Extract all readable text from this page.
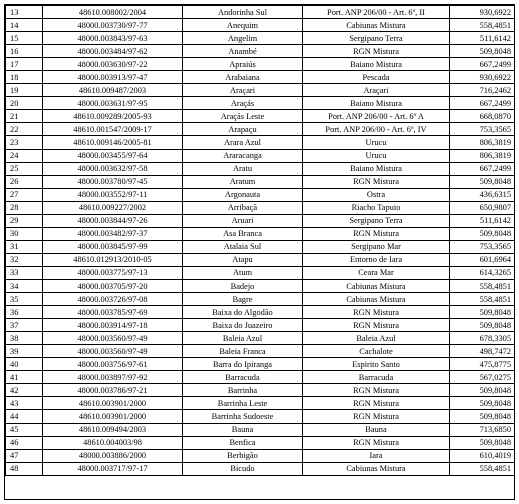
13	48610.008002/2004	Andorinha Sul	Port. ANP 206/00 - Art. 6º, II	930,6922
14	48000.003730/97-77	Anequim	Cabiunas Mistura	558,4851
15	48000.003843/97-63	Angelim	Sergipano Terra	511,6142
16	48000.003484/97-62	Anambé	RGN Mistura	509,8048
17	48000.003630/97-22	Apraiús	Baiano Mistura	667,2499
18	48000.003913/97-47	Arabaiana	Pescada	930,6922
19	48610.009487/2003	Araçari	Araçari	716,2462
20	48000.003631/97-95	Araçás	Baiano Mistura	667,2499
21	48610.009289/2005-93	Araçás Leste	Port. ANP 206/00 - Art. 6º A	668,0870
22	48610.001547/2009-17	Arapaçu	Port. ANP 206/00 - Art. 6º, IV	753,3565
23	48610.009146/2005-81	Arara Azul	Urucu	806,3819
24	48000.003455/97-64	Araracanga	Urucu	806,3819
25	48000.003632/97-58	Aratu	Baiano Mistura	667,2499
26	48000.003780/97-45	Aratum	RGN Mistura	509,8048
27	48000.003552/97-11	Argonauta	Ostra	436,6315
28	48610.009227/2002	Arribaçã	Riacho Tapuio	650,9807
29	48000.003844/97-26	Aruari	Sergipano Terra	511,6142
30	48000.003482/97-37	Asa Branca	RGN Mistura	509,8048
31	48000.003845/97-99	Atalaia Sul	Sergipano Mar	753,3565
32	48610.012913/2010-05	Atapu	Entorno de Iara	601,6964
33	48000.003775/97-13	Atum	Ceara Mar	614,3265
34	48000.003705/97-20	Badejo	Cabiunas Mistura	558,4851
35	48000.003726/97-08	Bagre	Cabiunas Mistura	558,4851
36	48000.003785/97-69	Baixa do Algodão	RGN Mistura	509,8048
37	48000.003914/97-18	Baixa do Juazeiro	RGN Mistura	509,8048
38	48000.003560/97-49	Baleia Azul	Baleia Azul	678,3305
39	48000.003560/97-49	Baleia Franca	Cachalote	498,7472
40	48000.003756/97-61	Barra do Ipiranga	Espirito Santo	475,8775
41	48000.003897/97-92	Barracuda	Barracuda	567,0275
42	48000.003786/97-21	Barrinha	RGN Mistura	509,8048
43	48610.003901/2000	Barrinha Leste	RGN Mistura	509,8048
44	48610.003901/2000	Barrinha Sudoeste	RGN Mistura	509,8048
45	48610.009494/2003	Bauna	Bauna	713,6850
46	48610.004003/98	Benfica	RGN Mistura	509,8048
47	48000.003886/2000	Berbigão	Iara	610,4019
48	48000.003717/97-17	Bicudo	Cabiunas Mistura	558,4851
